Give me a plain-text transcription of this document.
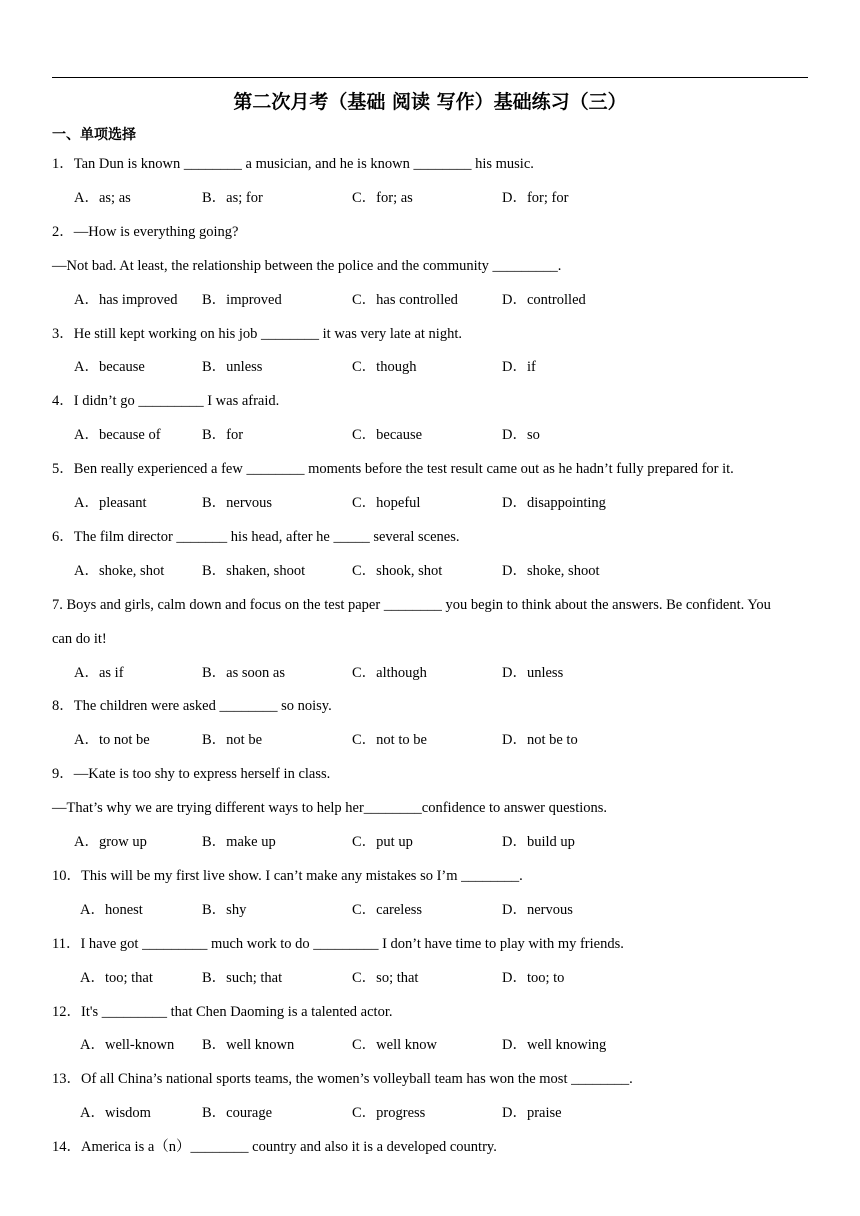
第二次月考（基础 阅读 写作）基础练习（三）
一、单项选择
1．Tan Dun is known ________ a musician, and he is known ________ his music.
A．as; as	B．as; for	C．for; as	D．for; for
2．—How is everything going?
—Not bad. At least, the relationship between the police and the community _________.
A．has improved B．improved	C．has controlled	D．controlled
3．He still kept working on his job ________ it was very late at night.
A．because	B．unless	C．though	D．if
4．I didn’t go _________ I was afraid.
A．because of	B．for	C．because	D．so
5．Ben really experienced a few ________ moments before the test result came out as he hadn’t fully prepared for it.
A．pleasant	B．nervous	C．hopeful	D．disappointing
6．The film director _______ his head, after he _____ several scenes.
A．shoke, shot	B．shaken, shoot	C．shook, shot	D．shoke, shoot
7. Boys and girls, calm down and focus on the test paper ________ you begin to think about the answers. Be confident. You
can do it!
A．as if	B．as soon as	C．although	D．unless
8．The children were asked ________ so noisy.
A．to not be	B．not be	C．not to be	D．not be to
9．—Kate is too shy to express herself in class.
—That’s why we are trying different ways to help her________confidence to answer questions.
A．grow up	B．make up	C．put up	D．build up
10．This will be my first live show. I can’t make any mistakes so I’m ________.
A．honest	B．shy	C．careless	D．nervous
11．I have got _________ much work to do _________ I don’t have time to play with my friends.
A．too; that	B．such; that	C．so; that	D．too; to
12．It's _________ that Chen Daoming is a talented actor.
A．well-known B．well known	C．well know	D．well knowing
13．Of all China’s national sports teams, the women’s volleyball team has won the most ________.
A．wisdom	B．courage	C．progress	D．praise
14．America is a（n）________ country and also it is a developed country.
